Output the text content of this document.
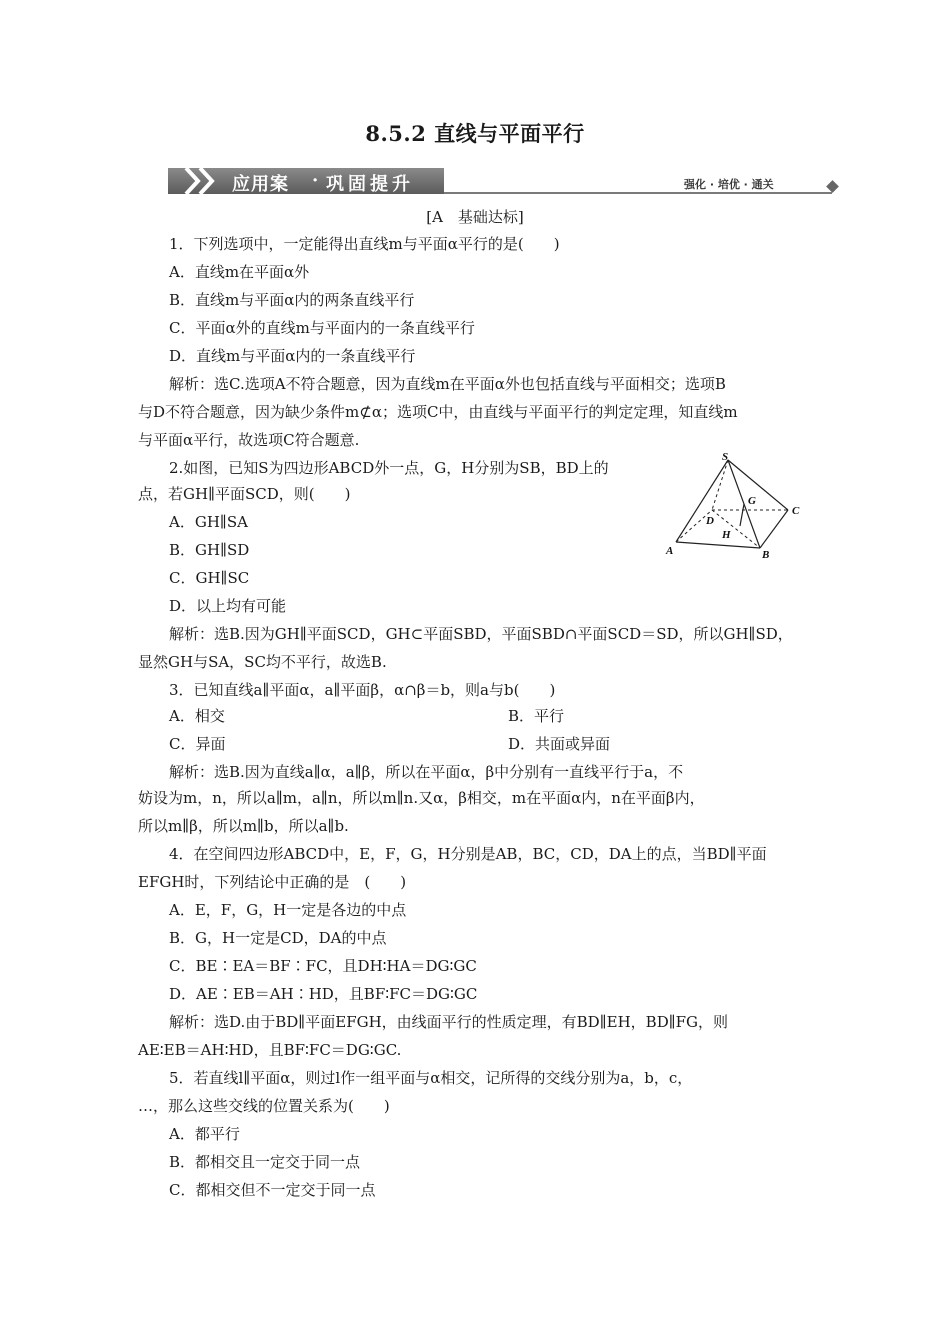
8.5.2 直线与平面平行
应用案 · 巩固提升	强化 · 培优 · 通关
[A　基础达标]
1．下列选项中，一定能得出直线m与平面α平行的是(　　)
A．直线m在平面α外
B．直线m与平面α内的两条直线平行
C．平面α外的直线m与平面内的一条直线平行
D．直线m与平面α内的一条直线平行
解析：选C.选项A不符合题意，因为直线m在平面α外也包括直线与平面相交；选项B
与D不符合题意，因为缺少条件m⊄α；选项C中，由直线与平面平行的判定定理，知直线m
与平面α平行，故选项C符合题意.
2.如图，已知S为四边形ABCD外一点，G，H分别为SB，BD上的
点，若GH∥平面SCD，则(　　)
A．GH∥SA
B．GH∥SD
C．GH∥SC
D．以上均有可能
解析：选B.因为GH∥平面SCD，GH⊂平面SBD，平面SBD∩平面SCD＝SD，所以GH∥SD，
显然GH与SA，SC均不平行，故选B.
S
G
D
C
H
A	B
3．已知直线a∥平面α，a∥平面β，α∩β＝b，则a与b(　　)
A．相交	B．平行
C．异面	D．共面或异面
解析：选B.因为直线a∥α，a∥β，所以在平面α，β中分别有一直线平行于a，不
妨设为m，n，所以a∥m，a∥n，所以m∥n.又α，β相交，m在平面α内，n在平面β内，
所以m∥β，所以m∥b，所以a∥b.
4．在空间四边形ABCD中，E，F，G，H分别是AB，BC，CD，DA上的点，当BD∥平面
EFGH时，下列结论中正确的是　(　　)
A．E，F，G，H一定是各边的中点
B．G，H一定是CD，DA的中点
C．BE∶EA＝BF∶FC，且DH∶HA＝DG∶GC
D．AE∶EB＝AH∶HD，且BF∶FC＝DG∶GC
解析：选D.由于BD∥平面EFGH，由线面平行的性质定理，有BD∥EH，BD∥FG，则
AE∶EB＝AH∶HD，且BF∶FC＝DG∶GC.
5．若直线l∥平面α，则过l作一组平面与α相交，记所得的交线分别为a，b，c，
…，那么这些交线的位置关系为(　　)
A．都平行
B．都相交且一定交于同一点
C．都相交但不一定交于同一点
